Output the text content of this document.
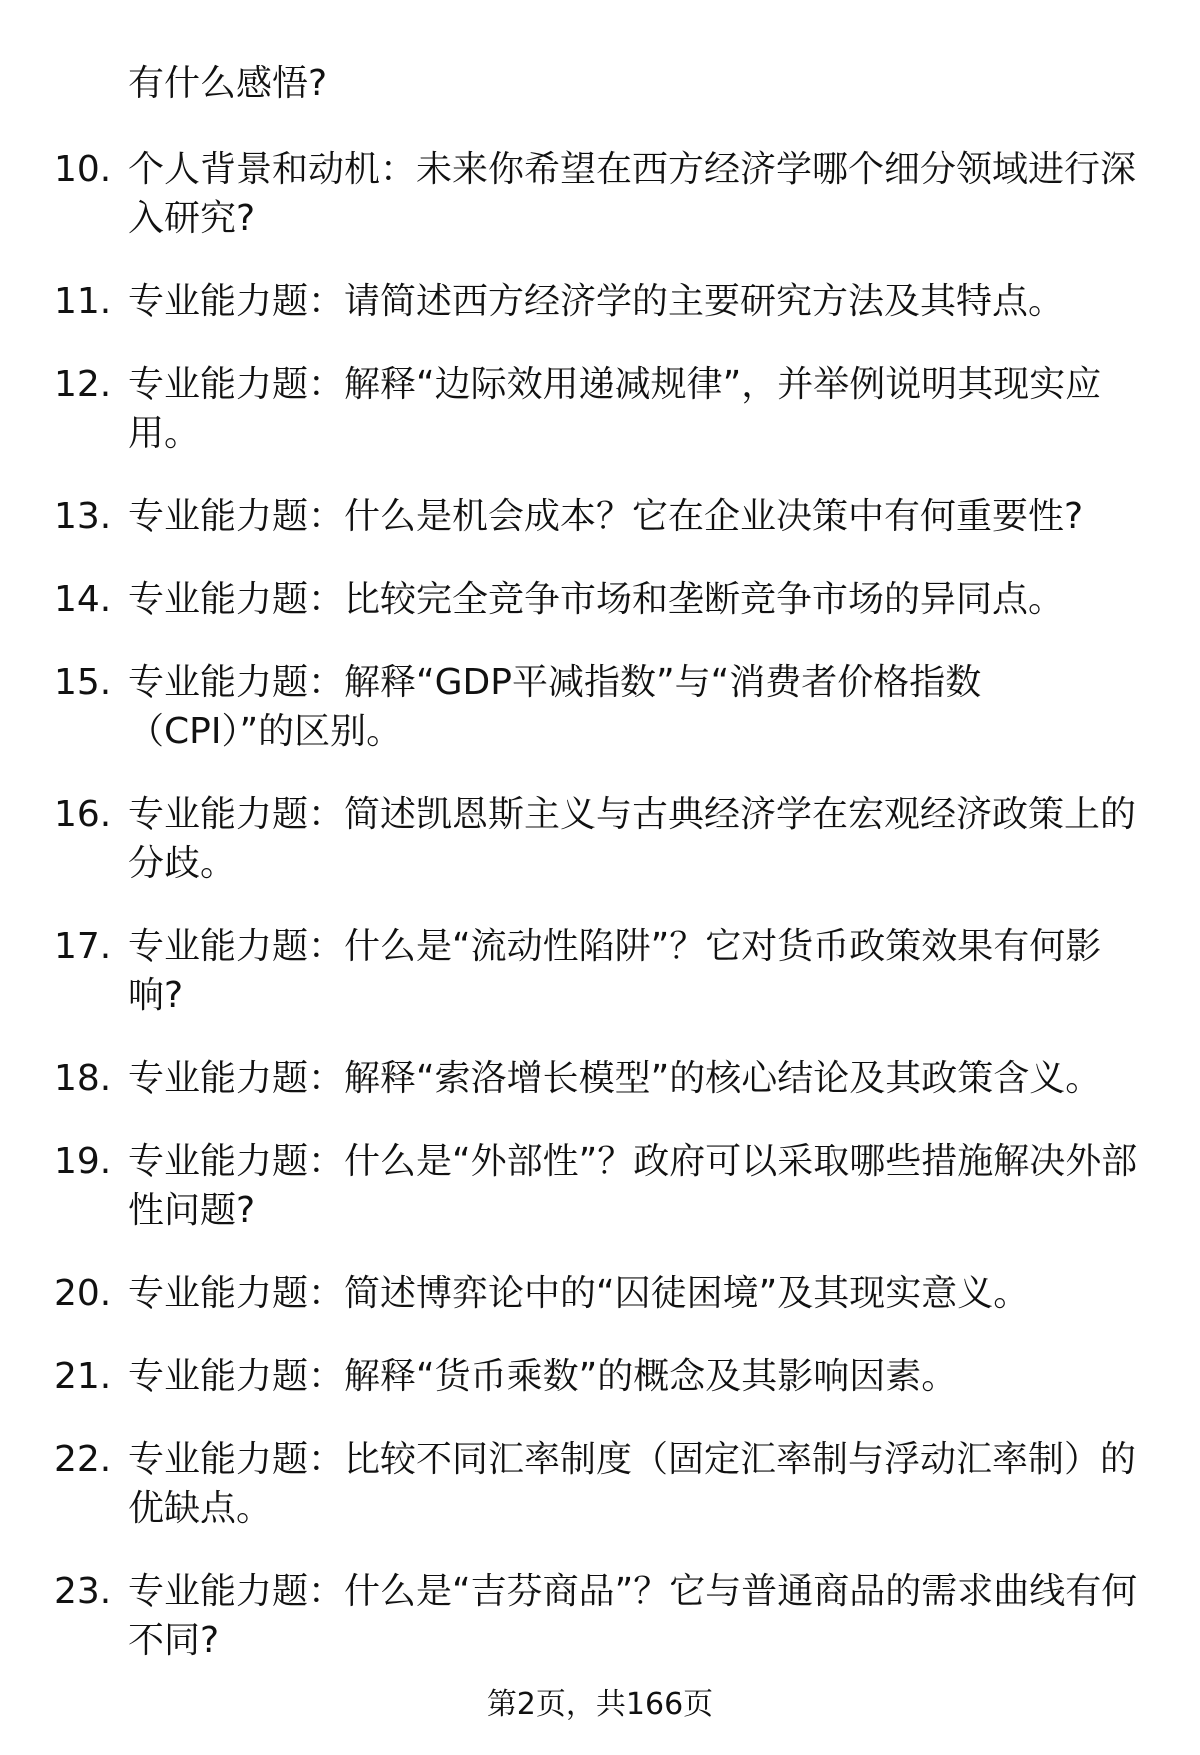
有什么感悟?
10. 个人背景和动机：未来你希望在西方经济学哪个细分领域进行深入研究?
11. 专业能力题：请简述西方经济学的主要研究方法及其特点。
12. 专业能力题：解释“边际效用递减规律”，并举例说明其现实应用。
13. 专业能力题：什么是机会成本？它在企业决策中有何重要性?
14. 专业能力题：比较完全竞争市场和垄断竞争市场的异同点。
15. 专业能力题：解释“GDP平减指数”与“消费者价格指数（CPI）”的区别。
16. 专业能力题：简述凯恩斯主义与古典经济学在宏观经济政策上的分歧。
17. 专业能力题：什么是“流动性陷阱”？它对货币政策效果有何影响?
18. 专业能力题：解释“索洛增长模型”的核心结论及其政策含义。
19. 专业能力题：什么是“外部性”？政府可以采取哪些措施解决外部性问题?
20. 专业能力题：简述博弈论中的“囚徒困境”及其现实意义。
21. 专业能力题：解释“货币乘数”的概念及其影响因素。
22. 专业能力题：比较不同汇率制度（固定汇率制与浮动汇率制）的优缺点。
23. 专业能力题：什么是“吉芬商品”？它与普通商品的需求曲线有何不同?
第2页，共166页
